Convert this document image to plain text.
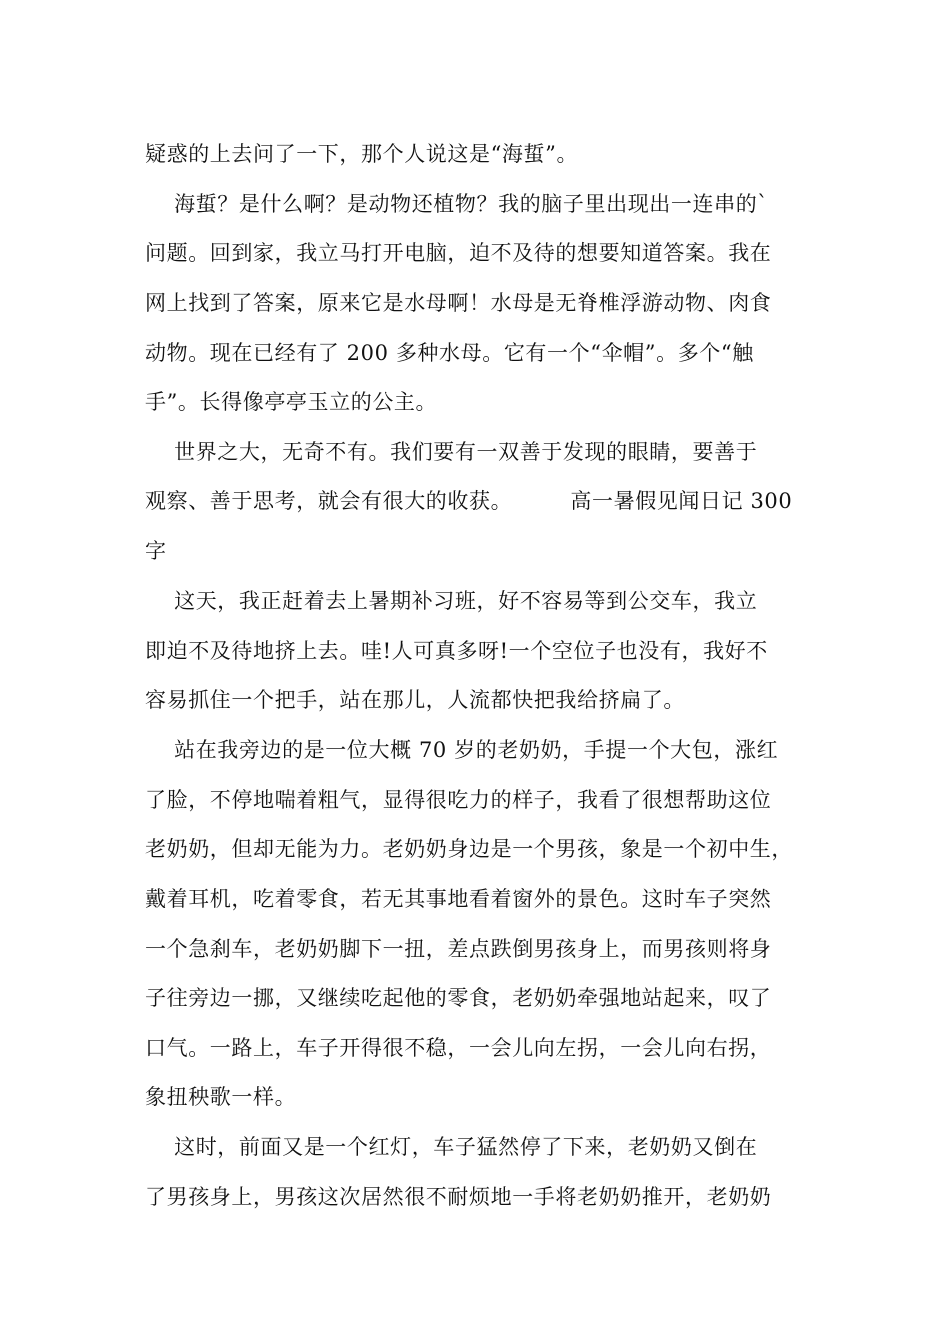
疑惑的上去问了一下，那个人说这是“海蜇”。
海蜇？是什么啊？是动物还植物？我的脑子里出现出一连串的`
问题。回到家，我立马打开电脑，迫不及待的想要知道答案。我在
网上找到了答案，原来它是水母啊！水母是无脊椎浮游动物、肉食
动物。现在已经有了 200 多种水母。它有一个“伞帽”。多个“触
手”。长得像亭亭玉立的公主。
世界之大，无奇不有。我们要有一双善于发现的眼睛，要善于
观察、善于思考，就会有很大的收获。        高一暑假见闻日记 300
字
这天，我正赶着去上暑期补习班，好不容易等到公交车，我立
即迫不及待地挤上去。哇!人可真多呀!一个空位子也没有，我好不
容易抓住一个把手，站在那儿，人流都快把我给挤扁了。
站在我旁边的是一位大概 70 岁的老奶奶，手提一个大包，涨红
了脸，不停地喘着粗气，显得很吃力的样子，我看了很想帮助这位
老奶奶，但却无能为力。老奶奶身边是一个男孩，象是一个初中生，
戴着耳机，吃着零食，若无其事地看着窗外的景色。这时车子突然
一个急刹车，老奶奶脚下一扭，差点跌倒男孩身上，而男孩则将身
子往旁边一挪，又继续吃起他的零食，老奶奶牵强地站起来，叹了
口气。一路上，车子开得很不稳，一会儿向左拐，一会儿向右拐，
象扭秧歌一样。
这时，前面又是一个红灯，车子猛然停了下来，老奶奶又倒在
了男孩身上，男孩这次居然很不耐烦地一手将老奶奶推开，老奶奶
